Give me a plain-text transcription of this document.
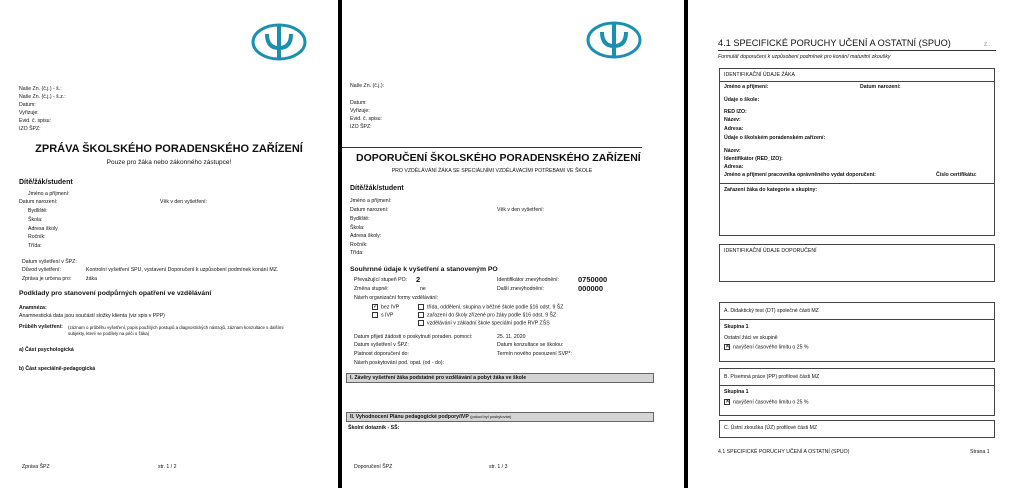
Naše Zn. (č.j.) - š.:
Naše Zn. (č.j.) - š.z.:
Datum:
Vyřizuje:
Evid. č. spisu:
IZO ŠPZ:
ZPRÁVA ŠKOLSKÉHO PORADENSKÉHO ZAŘÍZENÍ
Pouze pro žáka nebo zákonného zástupce!
Dítě/žák/student
Jméno a příjmení:
Datum narození:	Věk v den vyšetření:
Bydliště:
Škola:
Adresa školy
Ročník:
Třída:
Datum vyšetření v ŠPZ:
Důvod vyšetření:	Kontrolní vyšetření SPU, vystavení Doporučení k uzpůsobení podmínek konání MZ.
Zpráva je určena pro:	žáka
Podklady pro stanovení podpůrných opatření ve vzdělávání
Anamnéza:
Anamnestická data jsou součástí složky klienta (viz spis v PPP)
Průběh vyšetření: (záznam o průběhu vyšetření, popis použitých postupů a diagnostických nástrojů, záznam konzultace s dalšími
subjekty, které se podílely na péči o žáka)
a) Část psychologická
b) Část speciálně-pedagogická
Zpráva ŠPZ	str. 1 / 2
Naše Zn. (č.j.):
Datum:
Vyřizuje:
Evid. č. spisu:
IZO ŠPZ:
DOPORUČENÍ ŠKOLSKÉHO PORADENSKÉHO ZAŘÍZENÍ
PRO VZDĚLÁVÁNÍ ŽÁKA SE SPECIÁLNÍMI VZDĚLÁVACÍMI POTŘEBAMI VE ŠKOLE
Dítě/žák/student
Jméno a příjmení:
Datum narození:	Věk v den vyšetření:
Bydliště:
Škola:
Adresa školy:
Ročník:
Třída:
Souhrnné údaje k vyšetření a stanoveným PO
Převažující stupeň PO: 2	Identifikátor znevýhodnění:	0750000
Změna stupně:	ne	Další znevýhodnění:	000000
Návrh organizační formy vzdělávání:
✓ bez IVP
s IVP
třída, oddělení, skupina v běžné škole podle §16 odst. 9 ŠZ
zařazení do školy zřízené pro žáky podle §16 odst. 9 ŠZ
vzdělávání v základní škole speciální podle RVP ZŠS
Datum přijetí žádosti o poskytnutí poraden. pomoci:	25. 11. 2020
Datum vyšetření v ŠPZ:	Datum konzultace se školou:
Platnost doporučení do:	Termín nového posouzení SVP*:
Návrh poskytování pod. opat. (od - do):
I. Závěry vyšetření žáka podstatné pro vzdělávání a pobyt žáka ve škole
II. Vyhodnocení Plánu pedagogické podpory/IVP (pokud byl poskytován)
Školní dotazník - SŠ:
Doporučení ŠPZ	str. 1 / 3
Z…
4.1 SPECIFICKÉ PORUCHY UČENÍ A OSTATNÍ (SPUO)
Formulář doporučení k uzpůsobení podmínek pro konání maturitní zkoušky
IDENTIFIKAČNÍ ÚDAJE ŽÁKA
Jméno a příjmení:	Datum narození:
Údaje o škole:
RED IZO:
Název:
Adresa:
Údaje o školském poradenském zařízení:
Název:
Identifikátor (RED_IZO):
Adresa:
Jméno a příjmení pracovníka oprávněného vydat doporučení:	Číslo certifikátu:
Zařazení žáka do kategorie a skupiny:
IDENTIFIKAČNÍ ÚDAJE DOPORUČENÍ
A. Didaktický test (DT) společné části MZ
Skupina 1
Ostatní žáci ve skupině
✕ navýšení časového limitu o 25 %
B. Písemná práce (PP) profilové části MZ
Skupina 1
✕ navýšení časového limitu o 25 %
C. Ústní zkouška (ÚZ) profilové části MZ
4.1 SPECIFICKÉ PORUCHY UČENÍ A OSTATNÍ (SPUO)	Strana 1
